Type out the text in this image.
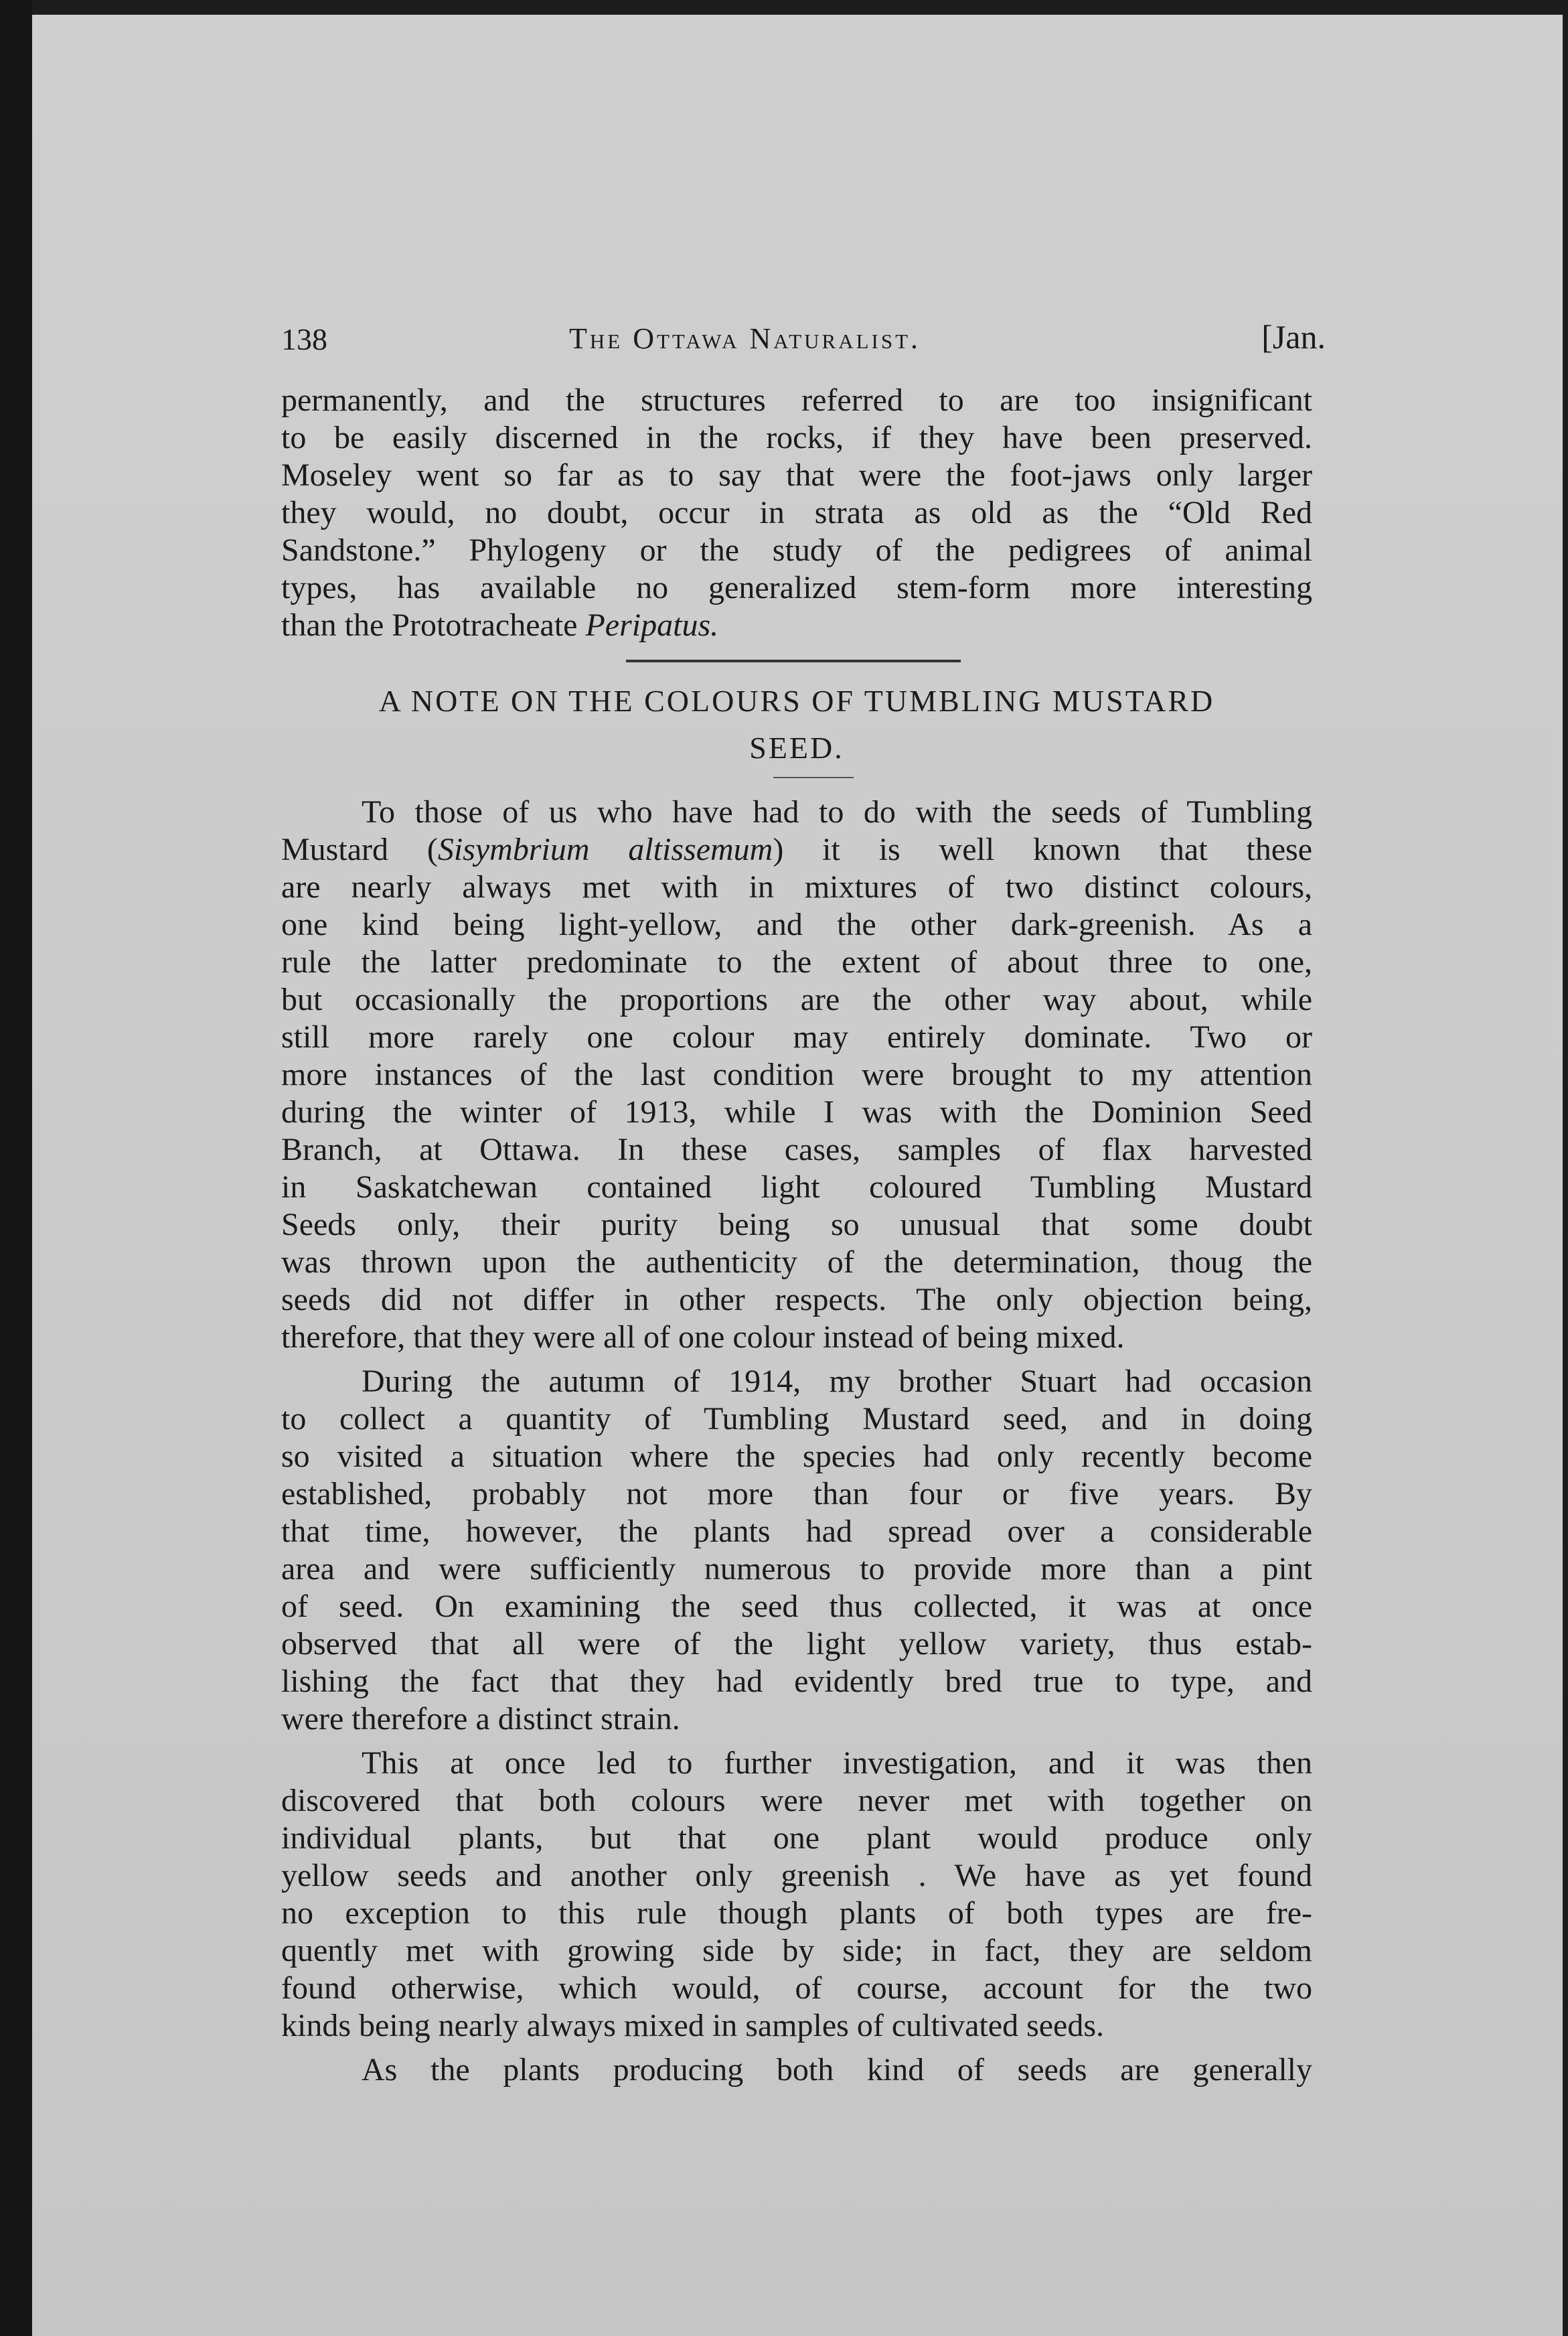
138	The Ottawa Naturalist.	[Jan.
permanently, and the structures referred to are too insignificant
to be easily discerned in the rocks, if they have been preserved.
Moseley went so far as to say that were the foot-jaws only larger
they would, no doubt, occur in strata as old as the “Old Red
Sandstone.” Phylogeny or the study of the pedigrees of animal
types, has available no generalized stem-form more interesting
than the Prototracheate Peripatus.
A NOTE ON THE COLOURS OF TUMBLING MUSTARD
SEED.
To those of us who have had to do with the seeds of Tumbling
Mustard (Sisymbrium altissemum) it is well known that these
are nearly always met with in mixtures of two distinct colours,
one kind being light-yellow, and the other dark-greenish. As a
rule the latter predominate to the extent of about three to one,
but occasionally the proportions are the other way about, while
still more rarely one colour may entirely dominate. Two or
more instances of the last condition were brought to my attention
during the winter of 1913, while I was with the Dominion Seed
Branch, at Ottawa. In these cases, samples of flax harvested
in Saskatchewan contained light coloured Tumbling Mustard
Seeds only, their purity being so unusual that some doubt
was thrown upon the authenticity of the determination, thoug the
seeds did not differ in other respects. The only objection being,
therefore, that they were all of one colour instead of being mixed.
During the autumn of 1914, my brother Stuart had occasion
to collect a quantity of Tumbling Mustard seed, and in doing
so visited a situation where the species had only recently become
established, probably not more than four or five years. By
that time, however, the plants had spread over a considerable
area and were sufficiently numerous to provide more than a pint
of seed. On examining the seed thus collected, it was at once
observed that all were of the light yellow variety, thus estab-
lishing the fact that they had evidently bred true to type, and
were therefore a distinct strain.
This at once led to further investigation, and it was then
discovered that both colours were never met with together on
individual plants, but that one plant would produce only
yellow seeds and another only greenish . We have as yet found
no exception to this rule though plants of both types are fre-
quently met with growing side by side; in fact, they are seldom
found otherwise, which would, of course, account for the two
kinds being nearly always mixed in samples of cultivated seeds.
As the plants producing both kind of seeds are generally
